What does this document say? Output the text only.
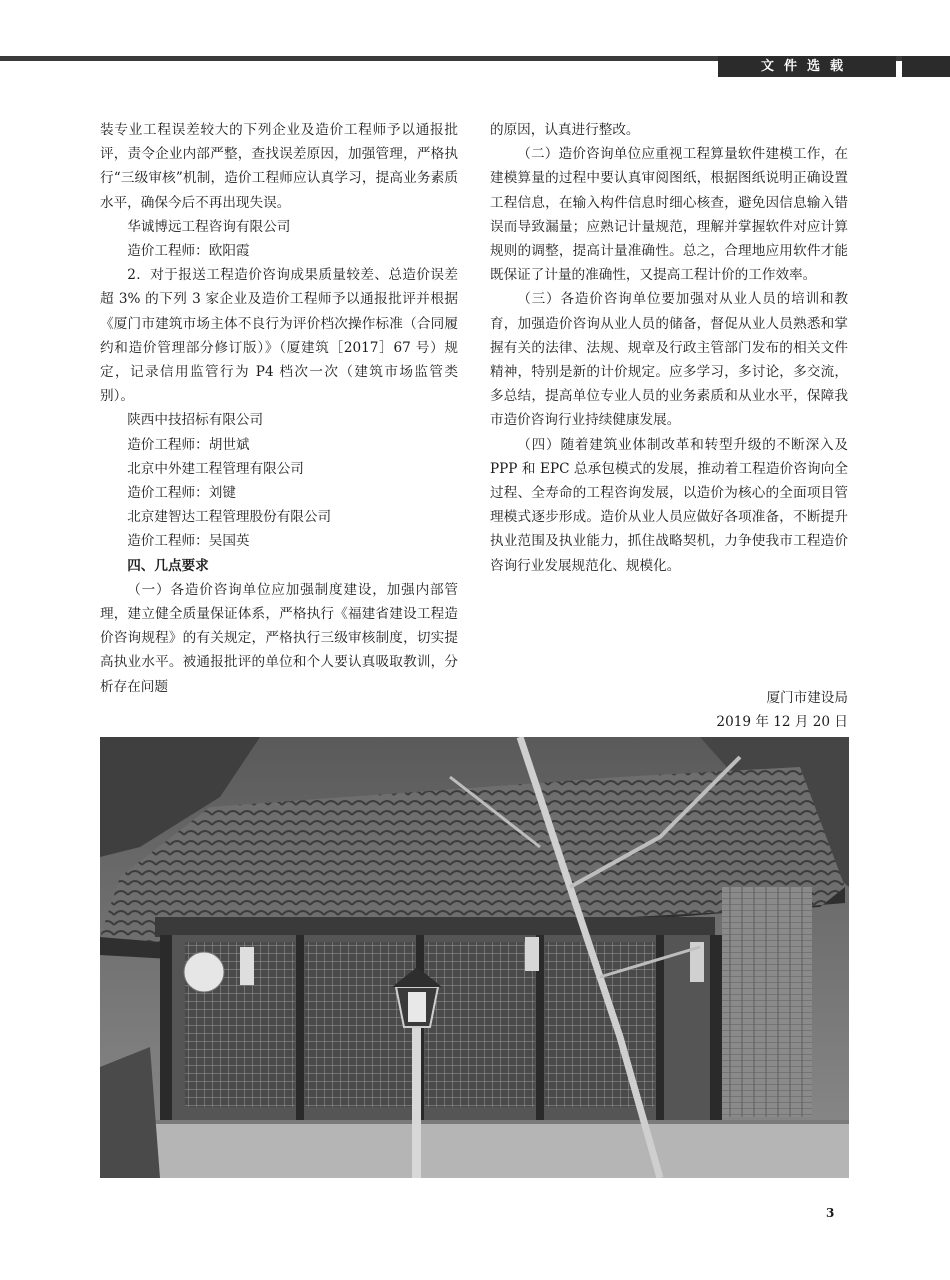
文件选载

装专业工程误差较大的下列企业及造价工程师予以通报批评，责令企业内部严整，查找误差原因，加强管理，严格执行“三级审核”机制，造价工程师应认真学习，提高业务素质水平，确保今后不再出现失误。

华诚博远工程咨询有限公司

造价工程师：欧阳霞

2．对于报送工程造价咨询成果质量较差、总造价误差超 3% 的下列 3 家企业及造价工程师予以通报批评并根据《厦门市建筑市场主体不良行为评价档次操作标准（合同履约和造价管理部分修订版）》（厦建筑［2017］67 号）规定，记录信用监管行为 P4 档次一次（建筑市场监管类别）。

陕西中技招标有限公司

造价工程师：胡世斌

北京中外建工程管理有限公司

造价工程师：刘键

北京建智达工程管理股份有限公司

造价工程师：吴国英

四、几点要求

（一）各造价咨询单位应加强制度建设，加强内部管理，建立健全质量保证体系，严格执行《福建省建设工程造价咨询规程》的有关规定，严格执行三级审核制度，切实提高执业水平。被通报批评的单位和个人要认真吸取教训，分析存在问题

的原因，认真进行整改。

（二）造价咨询单位应重视工程算量软件建模工作，在建模算量的过程中要认真审阅图纸，根据图纸说明正确设置工程信息，在输入构件信息时细心核查，避免因信息输入错误而导致漏量；应熟记计量规范，理解并掌握软件对应计算规则的调整，提高计量准确性。总之，合理地应用软件才能既保证了计量的准确性，又提高工程计价的工作效率。

（三）各造价咨询单位要加强对从业人员的培训和教育，加强造价咨询从业人员的储备，督促从业人员熟悉和掌握有关的法律、法规、规章及行政主管部门发布的相关文件精神，特别是新的计价规定。应多学习，多讨论，多交流，多总结，提高单位专业人员的业务素质和从业水平，保障我市造价咨询行业持续健康发展。

（四）随着建筑业体制改革和转型升级的不断深入及 PPP 和 EPC 总承包模式的发展，推动着工程造价咨询向全过程、全寿命的工程咨询发展，以造价为核心的全面项目管理模式逐步形成。造价从业人员应做好各项准备，不断提升执业范围及执业能力，抓住战略契机，力争使我市工程造价咨询行业发展规范化、规模化。

厦门市建设局
2019 年 12 月 20 日
3
